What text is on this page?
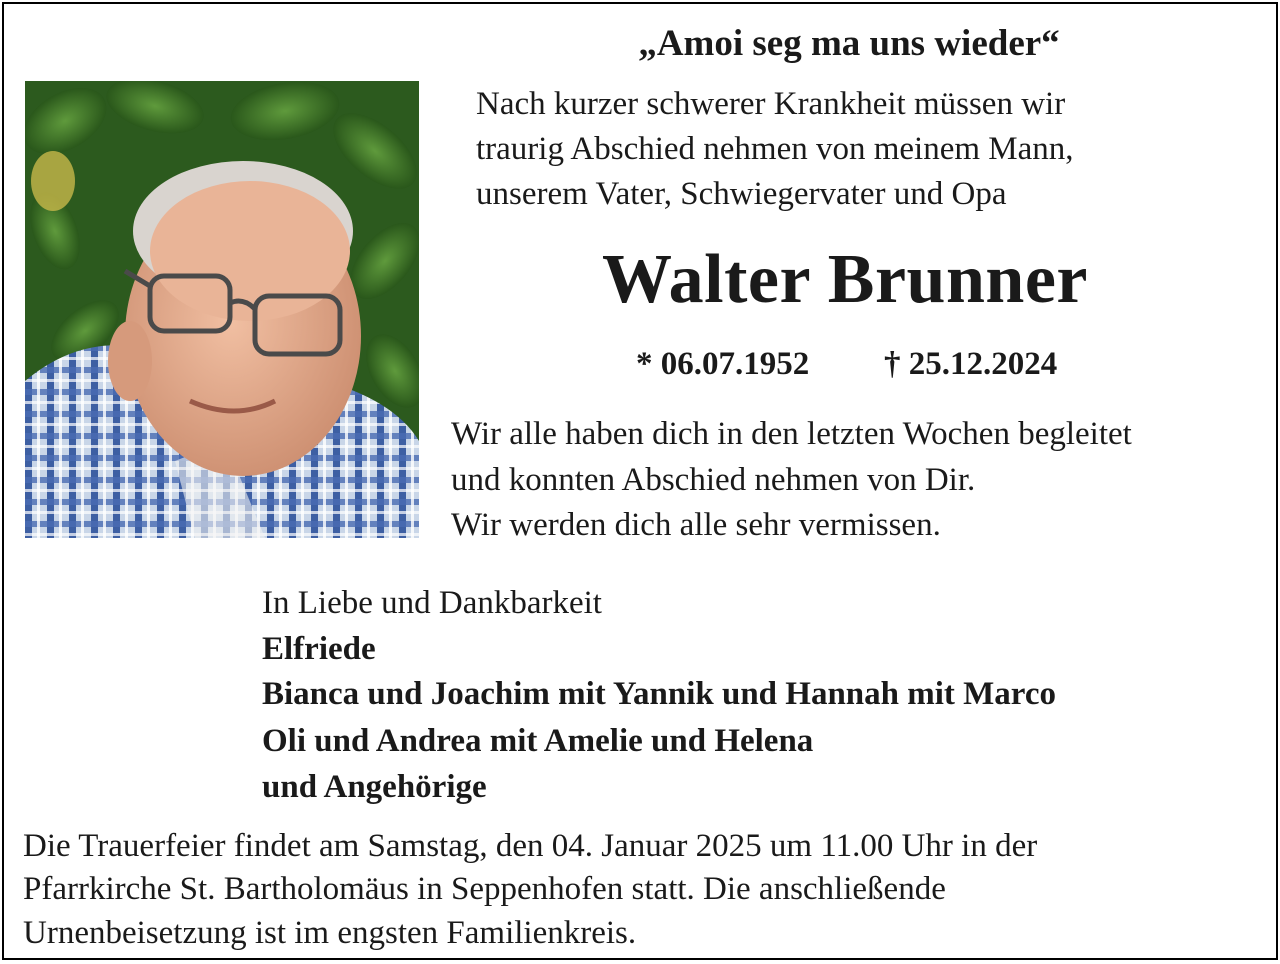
„Amoi seg ma uns wieder“
Nach kurzer schwerer Krankheit müssen wir
traurig Abschied nehmen von meinem Mann,
unserem Vater, Schwiegervater und Opa
Walter Brunner
* 06.07.1952 † 25.12.2024
Wir alle haben dich in den letzten Wochen begleitet
und konnten Abschied nehmen von Dir.
Wir werden dich alle sehr vermissen.
In Liebe und Dankbarkeit
Elfriede
Bianca und Joachim mit Yannik und Hannah mit Marco
Oli und Andrea mit Amelie und Helena
und Angehörige
Die Trauerfeier findet am Samstag, den 04. Januar 2025 um 11.00 Uhr in der
Pfarrkirche St. Bartholomäus in Seppenhofen statt. Die anschließende
Urnenbeisetzung ist im engsten Familienkreis.
